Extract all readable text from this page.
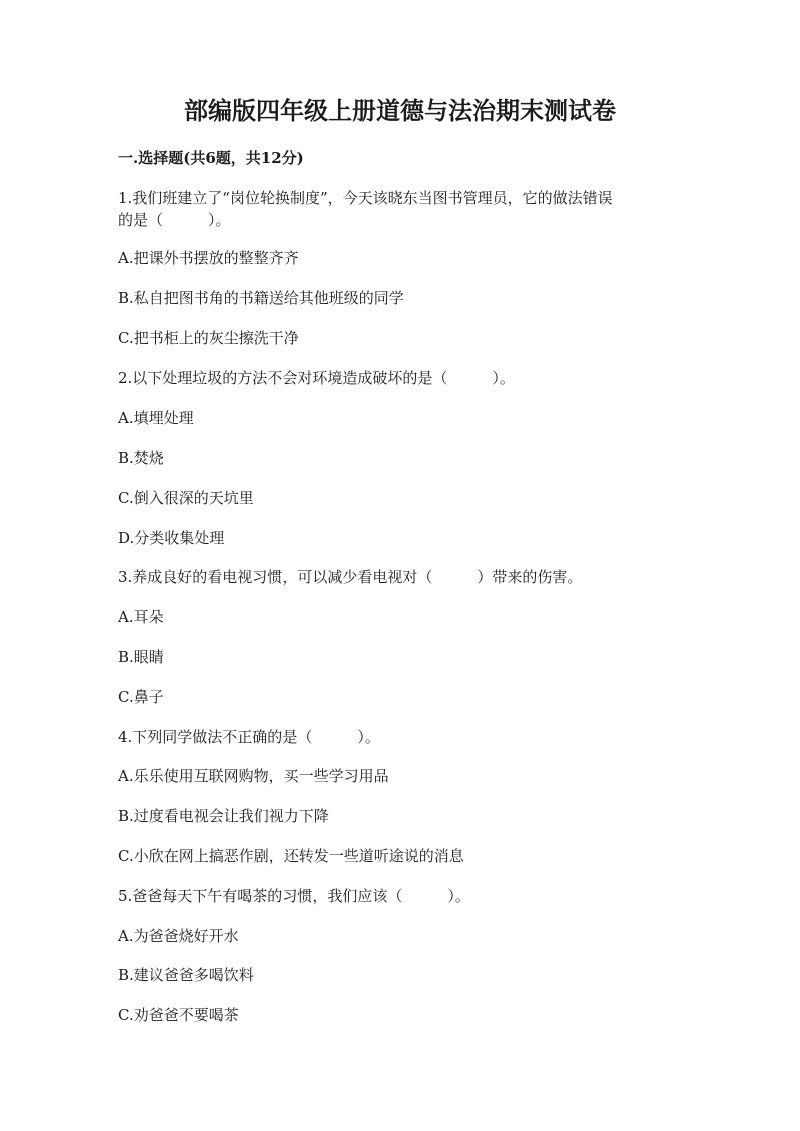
部编版四年级上册道德与法治期末测试卷
一.选择题(共6题，共12分)
1.我们班建立了“岗位轮换制度”，今天该晓东当图书管理员，它的做法错误
的是（　　　）。
A.把课外书摆放的整整齐齐
B.私自把图书角的书籍送给其他班级的同学
C.把书柜上的灰尘擦洗干净
2.以下处理垃圾的方法不会对环境造成破坏的是（　　　）。
A.填埋处理
B.焚烧
C.倒入很深的天坑里
D.分类收集处理
3.养成良好的看电视习惯，可以减少看电视对（　　　）带来的伤害。
A.耳朵
B.眼睛
C.鼻子
4.下列同学做法不正确的是（　　　）。
A.乐乐使用互联网购物，买一些学习用品
B.过度看电视会让我们视力下降
C.小欣在网上搞恶作剧，还转发一些道听途说的消息
5.爸爸每天下午有喝茶的习惯，我们应该（　　　）。
A.为爸爸烧好开水
B.建议爸爸多喝饮料
C.劝爸爸不要喝茶
